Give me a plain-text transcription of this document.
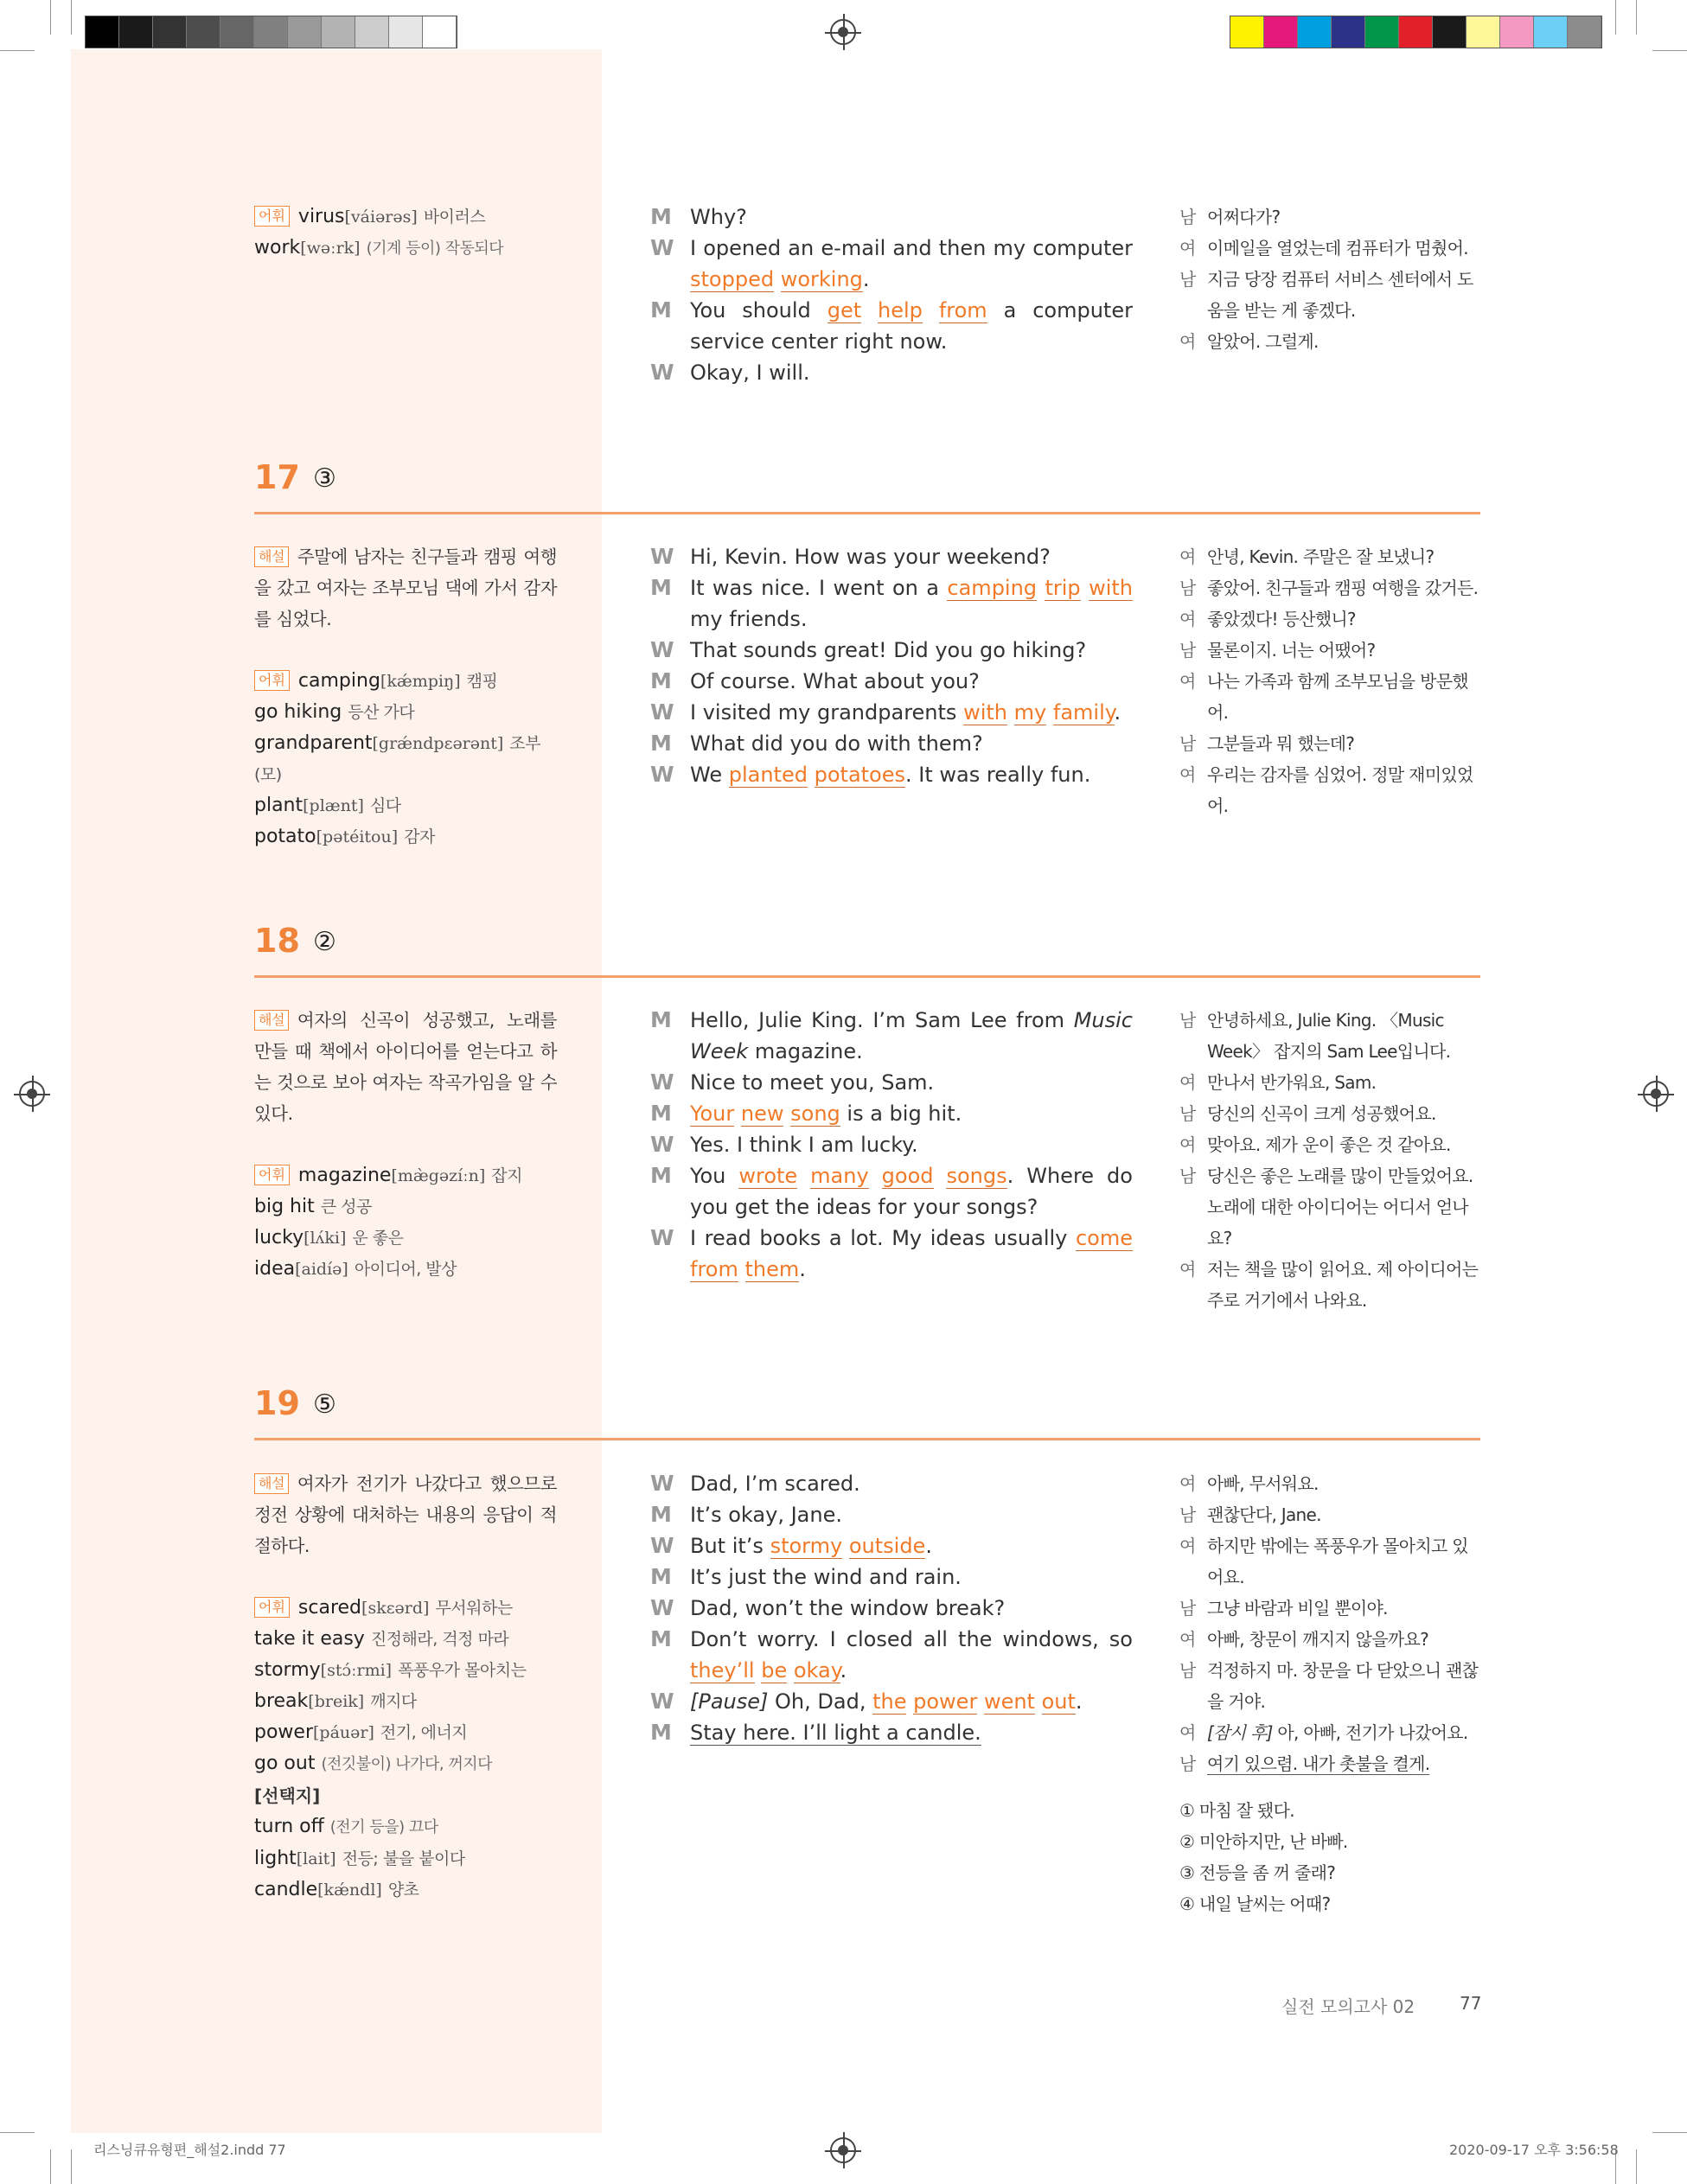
어휘 virus[váiərəs] 바이러스
work[wəːrk] (기계 등이) 작동되다
M Why?
W I opened an e-mail and then my computer stopped working.
M You should get help from a computer service center right now.
W Okay, I will.
남 어쩌다가?
여 이메일을 열었는데 컴퓨터가 멈췄어.
남 지금 당장 컴퓨터 서비스 센터에서 도움을 받는 게 좋겠다.
여 알았어. 그럴게.
17 ③
해설 주말에 남자는 친구들과 캠핑 여행을 갔고 여자는 조부모님 댁에 가서 감자를 심었다.
어휘 camping[kǽmpiŋ] 캠핑
go hiking 등산 가다
grandparent[grǽndpɛərənt] 조부(모)
plant[plænt] 심다
potato[pətéitou] 감자
W Hi, Kevin. How was your weekend?
M It was nice. I went on a camping trip with my friends.
W That sounds great! Did you go hiking?
M Of course. What about you?
W I visited my grandparents with my family.
M What did you do with them?
W We planted potatoes. It was really fun.
여 안녕, Kevin. 주말은 잘 보냈니?
남 좋았어. 친구들과 캠핑 여행을 갔거든.
여 좋았겠다! 등산했니?
남 물론이지. 너는 어땠어?
여 나는 가족과 함께 조부모님을 방문했어.
남 그분들과 뭐 했는데?
여 우리는 감자를 심었어. 정말 재미있었어.
18 ②
해설 여자의 신곡이 성공했고, 노래를 만들 때 책에서 아이디어를 얻는다고 하는 것으로 보아 여자는 작곡가임을 알 수 있다.
어휘 magazine[mæ̀gəzíːn] 잡지
big hit 큰 성공
lucky[lʌ́ki] 운 좋은
idea[aidíə] 아이디어, 발상
M Hello, Julie King. I’m Sam Lee from Music Week magazine.
W Nice to meet you, Sam.
M Your new song is a big hit.
W Yes. I think I am lucky.
M You wrote many good songs. Where do you get the ideas for your songs?
W I read books a lot. My ideas usually come from them.
남 안녕하세요, Julie King. 〈Music Week〉 잡지의 Sam Lee입니다.
여 만나서 반가워요, Sam.
남 당신의 신곡이 크게 성공했어요.
여 맞아요. 제가 운이 좋은 것 같아요.
남 당신은 좋은 노래를 많이 만들었어요. 노래에 대한 아이디어는 어디서 얻나요?
여 저는 책을 많이 읽어요. 제 아이디어는 주로 거기에서 나와요.
19 ⑤
해설 여자가 전기가 나갔다고 했으므로 정전 상황에 대처하는 내용의 응답이 적절하다.
어휘 scared[skɛərd] 무서워하는
take it easy 진정해라, 걱정 마라
stormy[stɔ́ːrmi] 폭풍우가 몰아치는
break[breik] 깨지다
power[páuər] 전기, 에너지
go out (전깃불이) 나가다, 꺼지다
[선택지]
turn off (전기 등을) 끄다
light[lait] 전등; 불을 붙이다
candle[kǽndl] 양초
W Dad, I’m scared.
M It’s okay, Jane.
W But it’s stormy outside.
M It’s just the wind and rain.
W Dad, won’t the window break?
M Don’t worry. I closed all the windows, so they’ll be okay.
W [Pause] Oh, Dad, the power went out.
M Stay here. I’ll light a candle.
여 아빠, 무서워요.
남 괜찮단다, Jane.
여 하지만 밖에는 폭풍우가 몰아치고 있어요.
남 그냥 바람과 비일 뿐이야.
여 아빠, 창문이 깨지지 않을까요?
남 걱정하지 마. 창문을 다 닫았으니 괜찮을 거야.
여 [잠시 후] 아, 아빠, 전기가 나갔어요.
남 여기 있으렴. 내가 촛불을 켤게.
① 마침 잘 됐다.
② 미안하지만, 난 바빠.
③ 전등을 좀 꺼 줄래?
④ 내일 날씨는 어때?
실전 모의고사 02	77
리스닝큐유형편_해설2.indd 77	2020-09-17 오후 3:56:58
